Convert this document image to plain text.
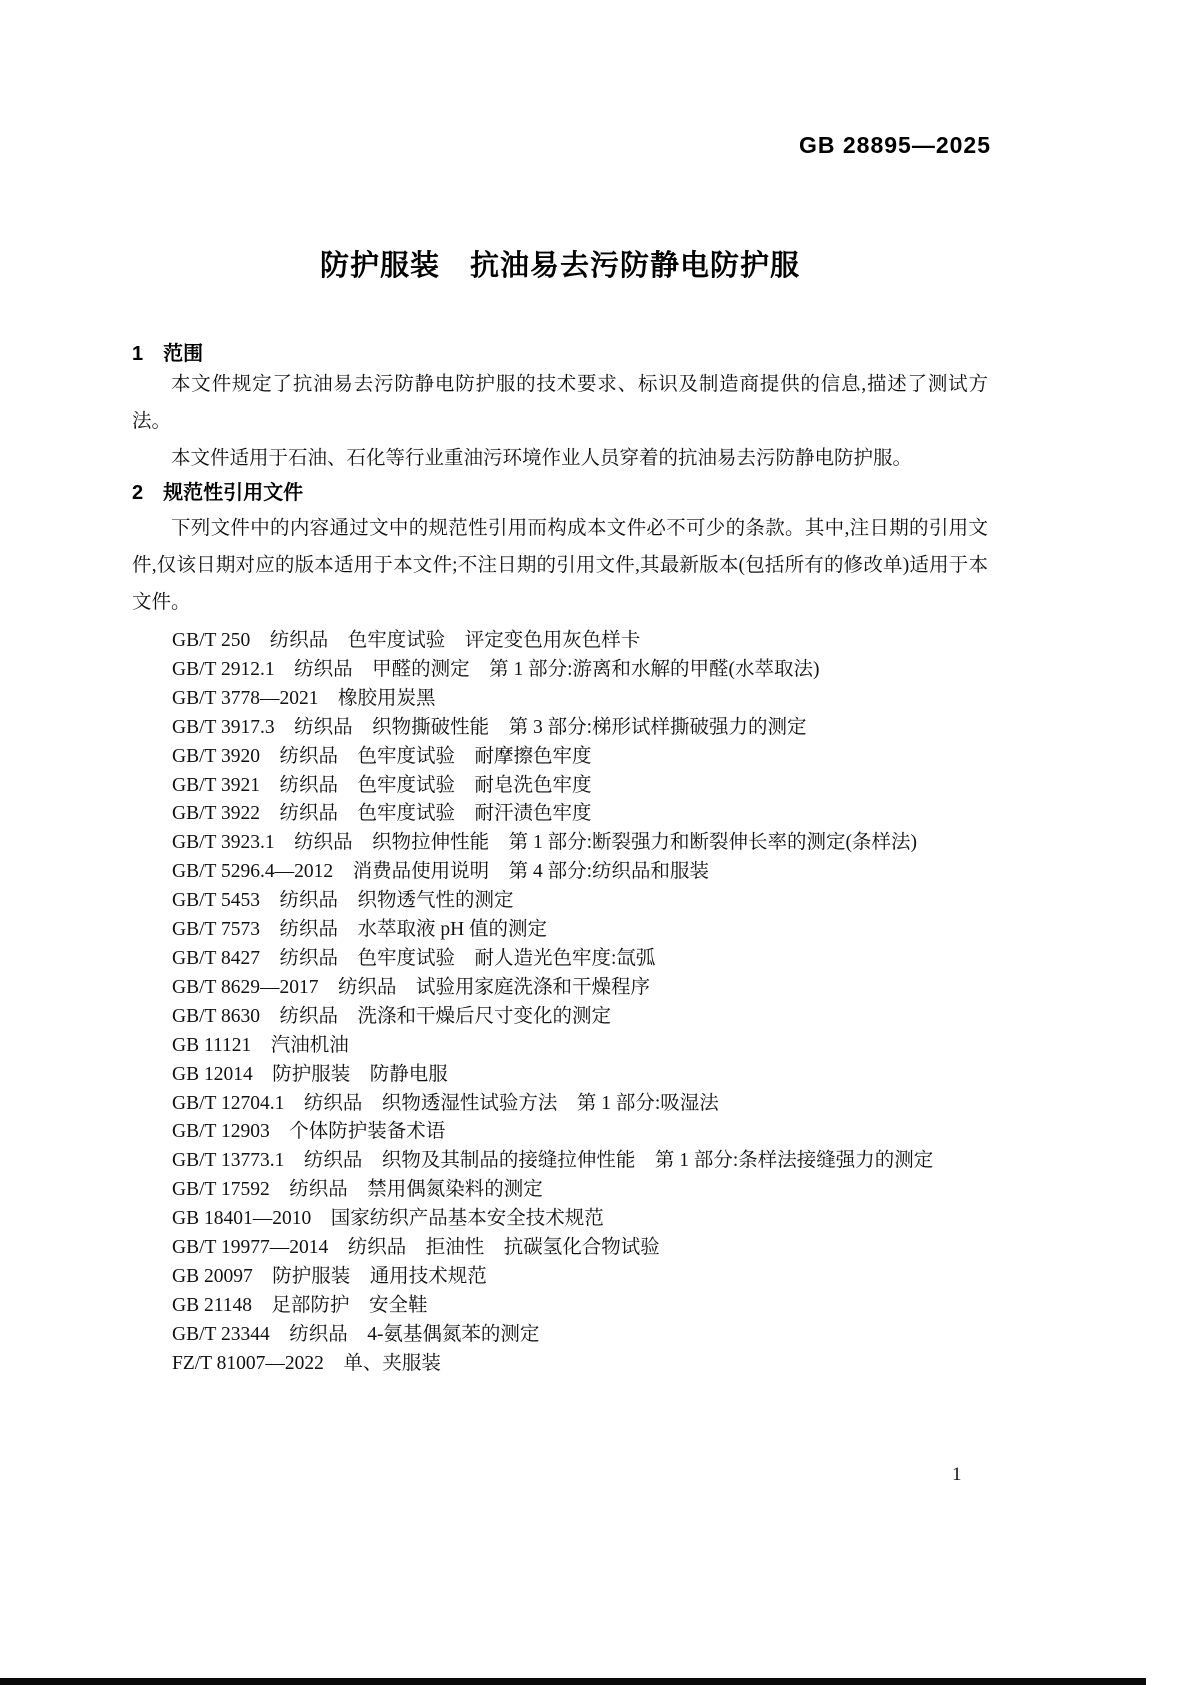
GB 28895—2025
防护服装　抗油易去污防静电防护服
1　范围

本文件规定了抗油易去污防静电防护服的技术要求、标识及制造商提供的信息,描述了测试方法。

本文件适用于石油、石化等行业重油污环境作业人员穿着的抗油易去污防静电防护服。

2　规范性引用文件

下列文件中的内容通过文中的规范性引用而构成本文件必不可少的条款。其中,注日期的引用文件,仅该日期对应的版本适用于本文件;不注日期的引用文件,其最新版本(包括所有的修改单)适用于本文件。

GB/T 250　纺织品　色牢度试验　评定变色用灰色样卡
GB/T 2912.1　纺织品　甲醛的测定　第 1 部分:游离和水解的甲醛(水萃取法)
GB/T 3778—2021　橡胶用炭黑
GB/T 3917.3　纺织品　织物撕破性能　第 3 部分:梯形试样撕破强力的测定
GB/T 3920　纺织品　色牢度试验　耐摩擦色牢度
GB/T 3921　纺织品　色牢度试验　耐皂洗色牢度
GB/T 3922　纺织品　色牢度试验　耐汗渍色牢度
GB/T 3923.1　纺织品　织物拉伸性能　第 1 部分:断裂强力和断裂伸长率的测定(条样法)
GB/T 5296.4—2012　消费品使用说明　第 4 部分:纺织品和服装
GB/T 5453　纺织品　织物透气性的测定
GB/T 7573　纺织品　水萃取液 pH 值的测定
GB/T 8427　纺织品　色牢度试验　耐人造光色牢度:氙弧
GB/T 8629—2017　纺织品　试验用家庭洗涤和干燥程序
GB/T 8630　纺织品　洗涤和干燥后尺寸变化的测定
GB 11121　汽油机油
GB 12014　防护服装　防静电服
GB/T 12704.1　纺织品　织物透湿性试验方法　第 1 部分:吸湿法
GB/T 12903　个体防护装备术语
GB/T 13773.1　纺织品　织物及其制品的接缝拉伸性能　第 1 部分:条样法接缝强力的测定
GB/T 17592　纺织品　禁用偶氮染料的测定
GB 18401—2010　国家纺织产品基本安全技术规范
GB/T 19977—2014　纺织品　拒油性　抗碳氢化合物试验
GB 20097　防护服装　通用技术规范
GB 21148　足部防护　安全鞋
GB/T 23344　纺织品　4-氨基偶氮苯的测定
FZ/T 81007—2022　单、夹服装
1
